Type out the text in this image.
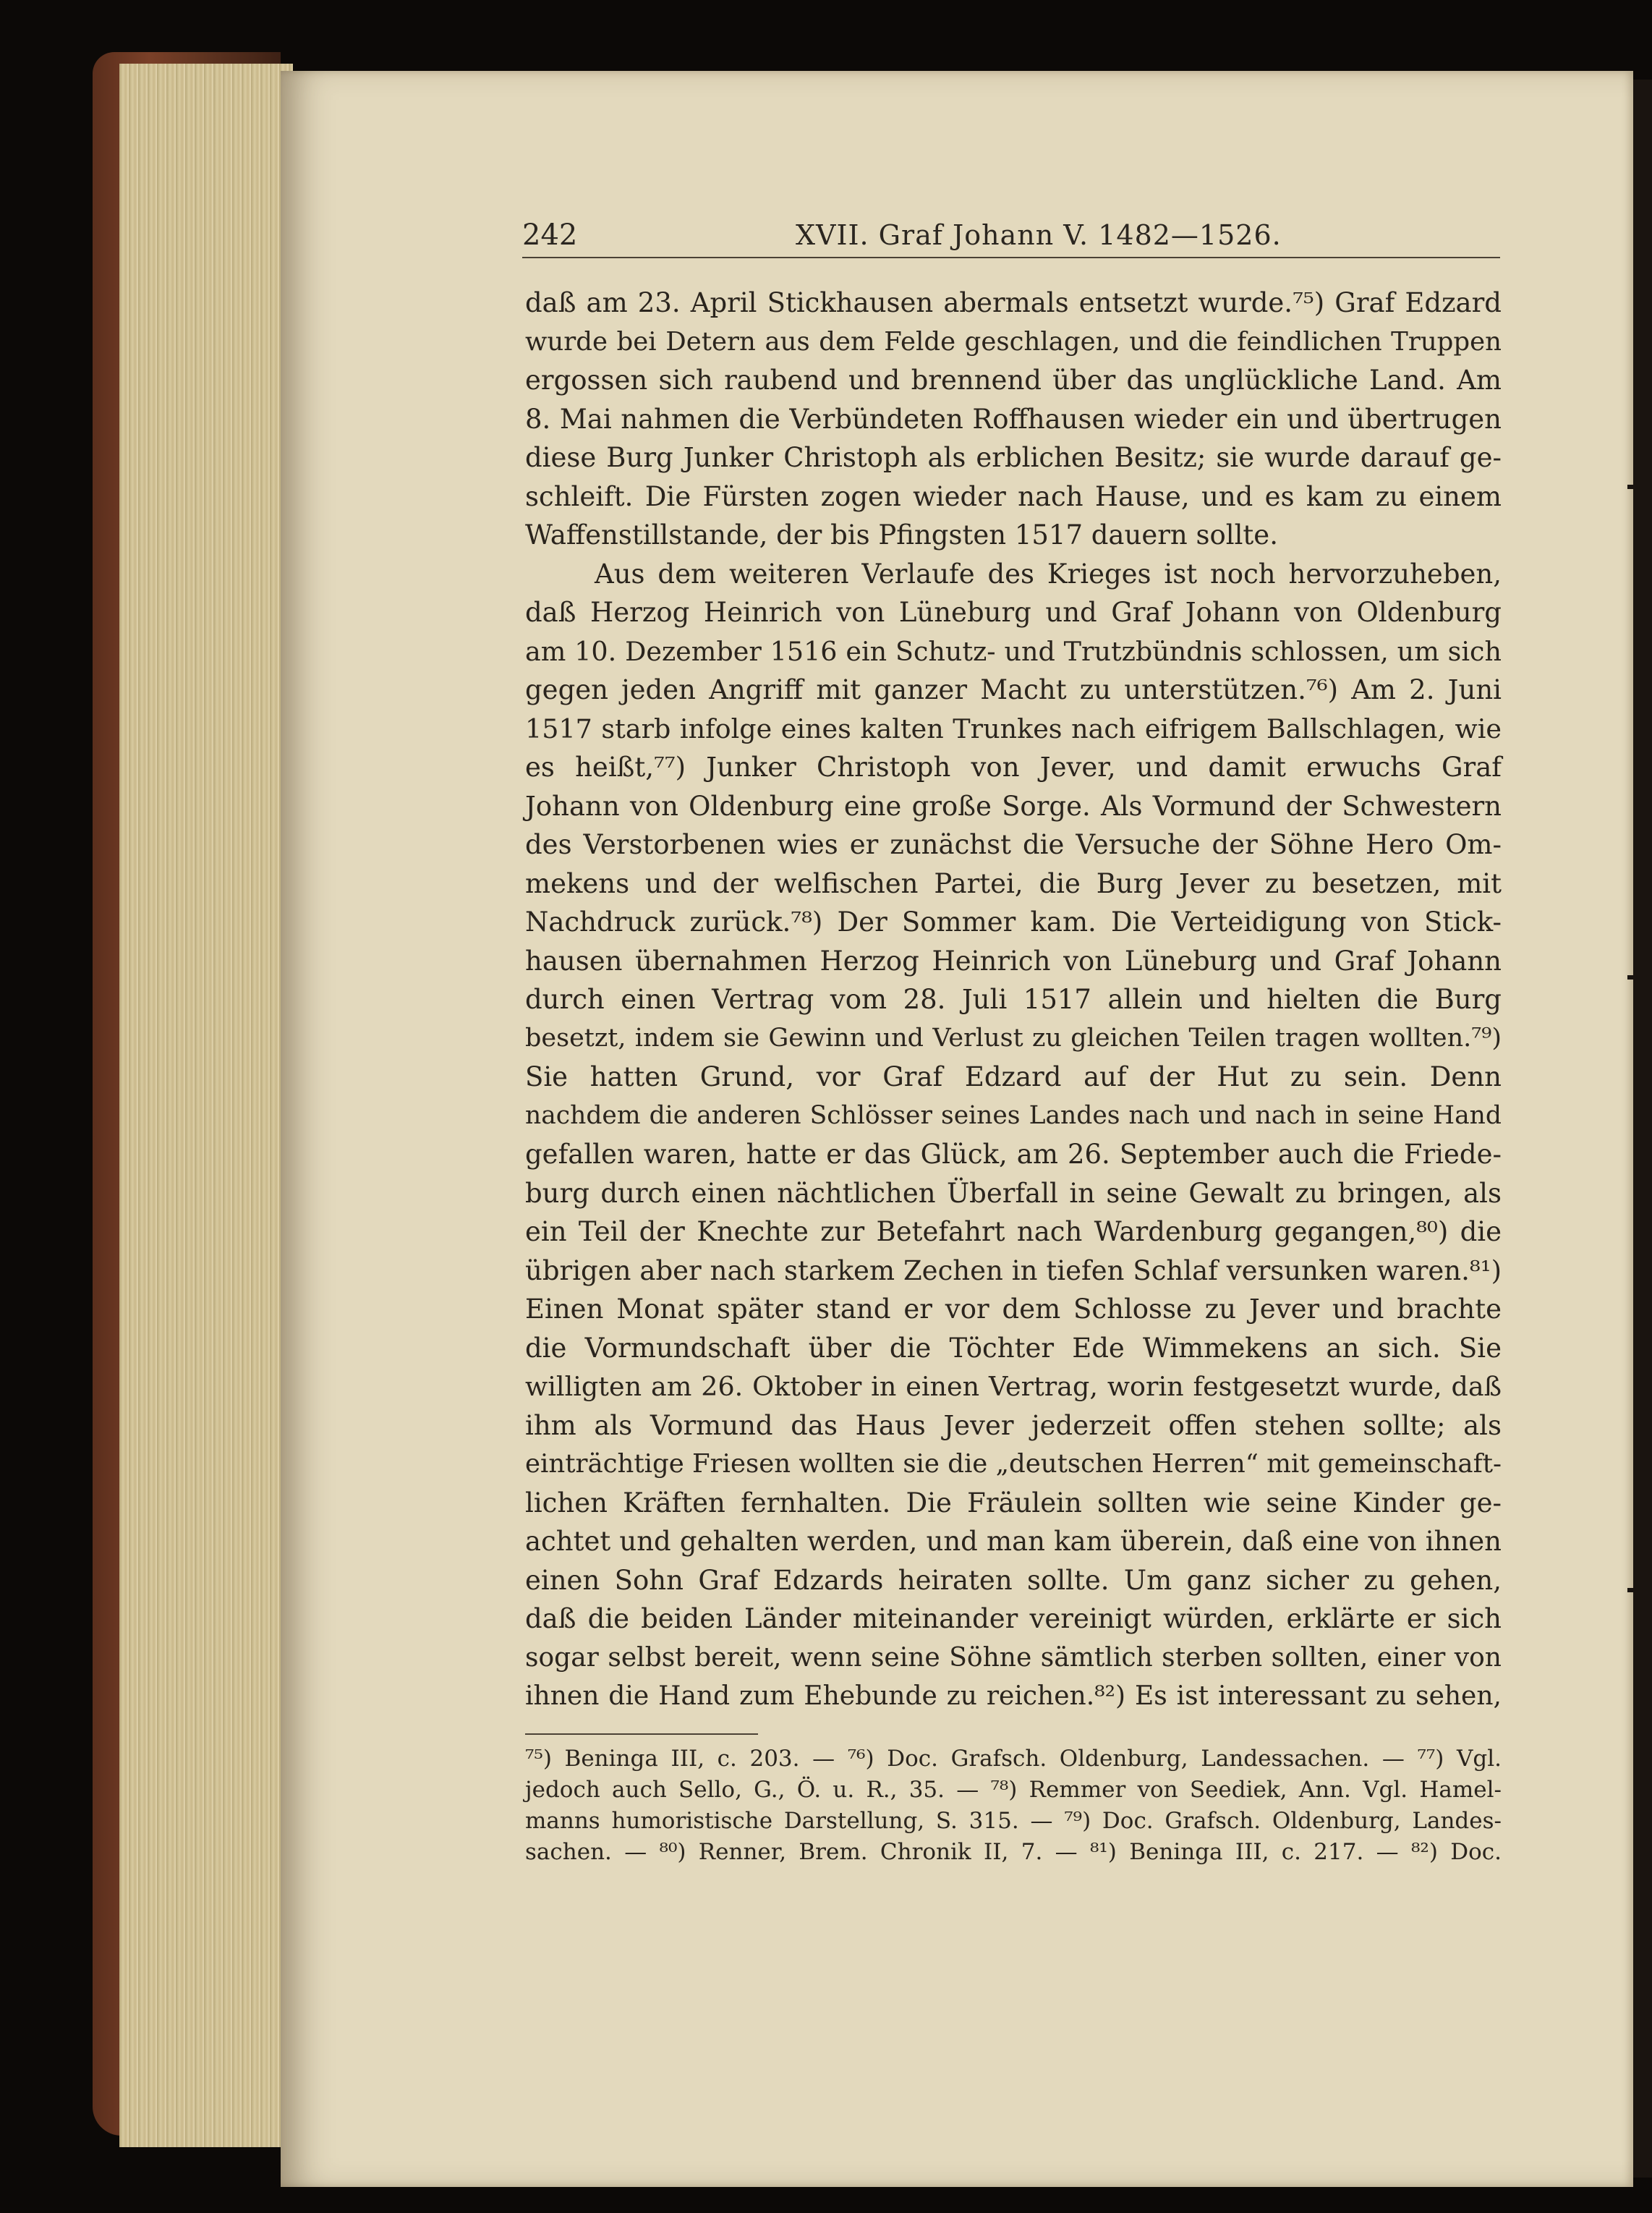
242	XVII. Graf Johann V. 1482—1526.
daß am 23. April Stickhausen abermals entsetzt wurde.⁷⁵) Graf Edzard
wurde bei Detern aus dem Felde geschlagen, und die feindlichen Truppen
ergossen sich raubend und brennend über das unglückliche Land. Am
8. Mai nahmen die Verbündeten Roffhausen wieder ein und übertrugen
diese Burg Junker Christoph als erblichen Besitz; sie wurde darauf ge-
schleift. Die Fürsten zogen wieder nach Hause, und es kam zu einem
Waffenstillstande, der bis Pfingsten 1517 dauern sollte.
Aus dem weiteren Verlaufe des Krieges ist noch hervorzuheben,
daß Herzog Heinrich von Lüneburg und Graf Johann von Oldenburg
am 10. Dezember 1516 ein Schutz- und Trutzbündnis schlossen, um sich
gegen jeden Angriff mit ganzer Macht zu unterstützen.⁷⁶) Am 2. Juni
1517 starb infolge eines kalten Trunkes nach eifrigem Ballschlagen, wie
es heißt,⁷⁷) Junker Christoph von Jever, und damit erwuchs Graf
Johann von Oldenburg eine große Sorge. Als Vormund der Schwestern
des Verstorbenen wies er zunächst die Versuche der Söhne Hero Om-
mekens und der welfischen Partei, die Burg Jever zu besetzen, mit
Nachdruck zurück.⁷⁸) Der Sommer kam. Die Verteidigung von Stick-
hausen übernahmen Herzog Heinrich von Lüneburg und Graf Johann
durch einen Vertrag vom 28. Juli 1517 allein und hielten die Burg
besetzt, indem sie Gewinn und Verlust zu gleichen Teilen tragen wollten.⁷⁹)
Sie hatten Grund, vor Graf Edzard auf der Hut zu sein. Denn
nachdem die anderen Schlösser seines Landes nach und nach in seine Hand
gefallen waren, hatte er das Glück, am 26. September auch die Friede-
burg durch einen nächtlichen Überfall in seine Gewalt zu bringen, als
ein Teil der Knechte zur Betefahrt nach Wardenburg gegangen,⁸⁰) die
übrigen aber nach starkem Zechen in tiefen Schlaf versunken waren.⁸¹)
Einen Monat später stand er vor dem Schlosse zu Jever und brachte
die Vormundschaft über die Töchter Ede Wimmekens an sich. Sie
willigten am 26. Oktober in einen Vertrag, worin festgesetzt wurde, daß
ihm als Vormund das Haus Jever jederzeit offen stehen sollte; als
einträchtige Friesen wollten sie die „deutschen Herren“ mit gemeinschaft-
lichen Kräften fernhalten. Die Fräulein sollten wie seine Kinder ge-
achtet und gehalten werden, und man kam überein, daß eine von ihnen
einen Sohn Graf Edzards heiraten sollte. Um ganz sicher zu gehen,
daß die beiden Länder miteinander vereinigt würden, erklärte er sich
sogar selbst bereit, wenn seine Söhne sämtlich sterben sollten, einer von
ihnen die Hand zum Ehebunde zu reichen.⁸²) Es ist interessant zu sehen,
⁷⁵) Beninga III, c. 203. — ⁷⁶) Doc. Grafsch. Oldenburg, Landessachen. — ⁷⁷) Vgl.
jedoch auch Sello, G., Ö. u. R., 35. — ⁷⁸) Remmer von Seediek, Ann. Vgl. Hamel-
manns humoristische Darstellung, S. 315. — ⁷⁹) Doc. Grafsch. Oldenburg, Landes-
sachen. — ⁸⁰) Renner, Brem. Chronik II, 7. — ⁸¹) Beninga III, c. 217. — ⁸²) Doc.
